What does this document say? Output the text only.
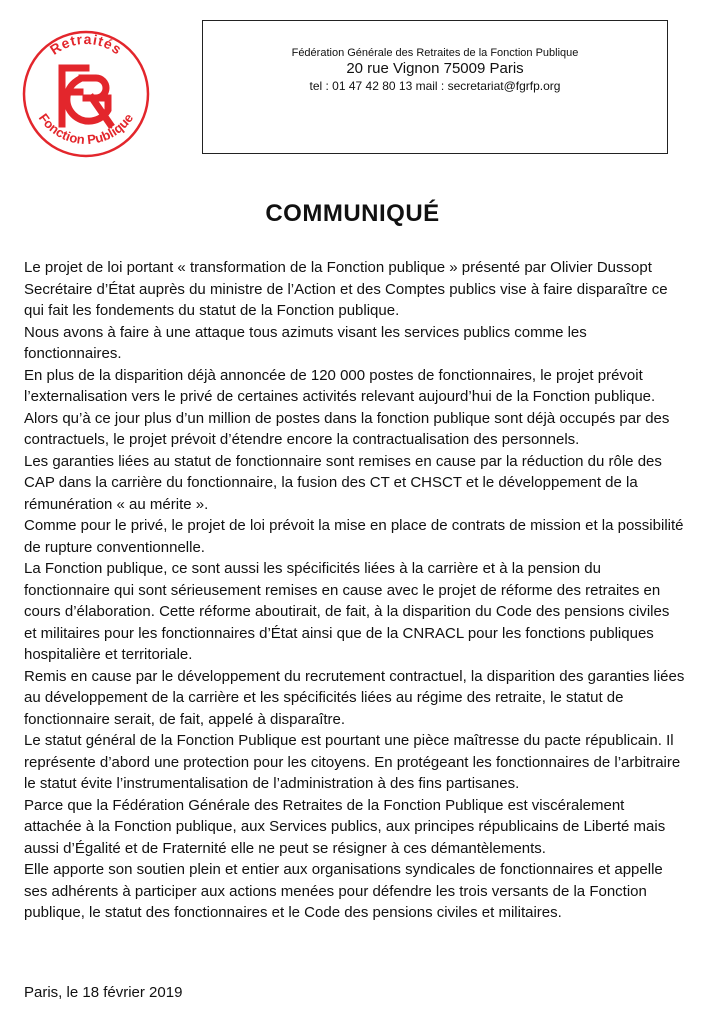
Retraités
Fonction Publique
Fédération Générale des Retraites de la Fonction Publique
20 rue Vignon 75009 Paris
tel : 01 47 42 80 13 mail : secretariat@fgrfp.org
COMMUNIQUÉ

Le projet de loi portant « transformation de la Fonction publique » présenté par Olivier Dussopt Secrétaire d’État auprès du ministre de l’Action et des Comptes publics vise à faire disparaître ce qui fait les fondements du statut de la Fonction publique.

Nous avons à faire à une attaque tous azimuts visant les services publics comme les fonctionnaires.

En plus de la disparition déjà annoncée de 120 000 postes de fonctionnaires, le projet prévoit l’externalisation vers le privé de certaines activités relevant aujourd’hui de la Fonction publique.

Alors qu’à ce jour plus d’un million de postes dans la fonction publique sont déjà occupés par des contractuels, le projet prévoit d’étendre encore la contractualisation des personnels.

Les garanties liées au statut de fonctionnaire sont remises en cause par la réduction du rôle des CAP dans la carrière du fonctionnaire, la fusion des CT et CHSCT et le développement de la rémunération « au mérite ».

Comme pour le privé, le projet de loi prévoit la mise en place de contrats de mission et la possibilité de rupture conventionnelle.

La Fonction publique, ce sont aussi les spécificités liées à la carrière et à la pension du fonctionnaire qui sont sérieusement remises en cause avec le projet de réforme des retraites en cours d’élaboration. Cette réforme aboutirait, de fait, à la disparition du Code des pensions civiles et militaires pour les fonctionnaires d’État ainsi que de la CNRACL pour les fonctions publiques hospitalière et territoriale.

Remis en cause par le développement du recrutement contractuel, la disparition des garanties liées au développement de la carrière et les spécificités liées au régime des retraite, le statut de fonctionnaire serait, de fait, appelé à disparaître.

Le statut général de la Fonction Publique est pourtant une pièce maîtresse du pacte républicain. Il représente d’abord une protection pour les citoyens. En protégeant les fonctionnaires de l’arbitraire le statut évite l’instrumentalisation de l’administration à des fins partisanes.

Parce que la Fédération Générale des Retraites de la Fonction Publique est viscéralement attachée à la Fonction publique, aux Services publics, aux principes républicains de Liberté mais aussi d’Égalité et de Fraternité elle ne peut se résigner à ces démantèlements.

Elle apporte son soutien plein et entier aux organisations syndicales de fonctionnaires et appelle ses adhérents à participer aux actions menées pour défendre les trois versants de la Fonction publique, le statut des fonctionnaires et le Code des pensions civiles et militaires.

Paris, le 18 février 2019
